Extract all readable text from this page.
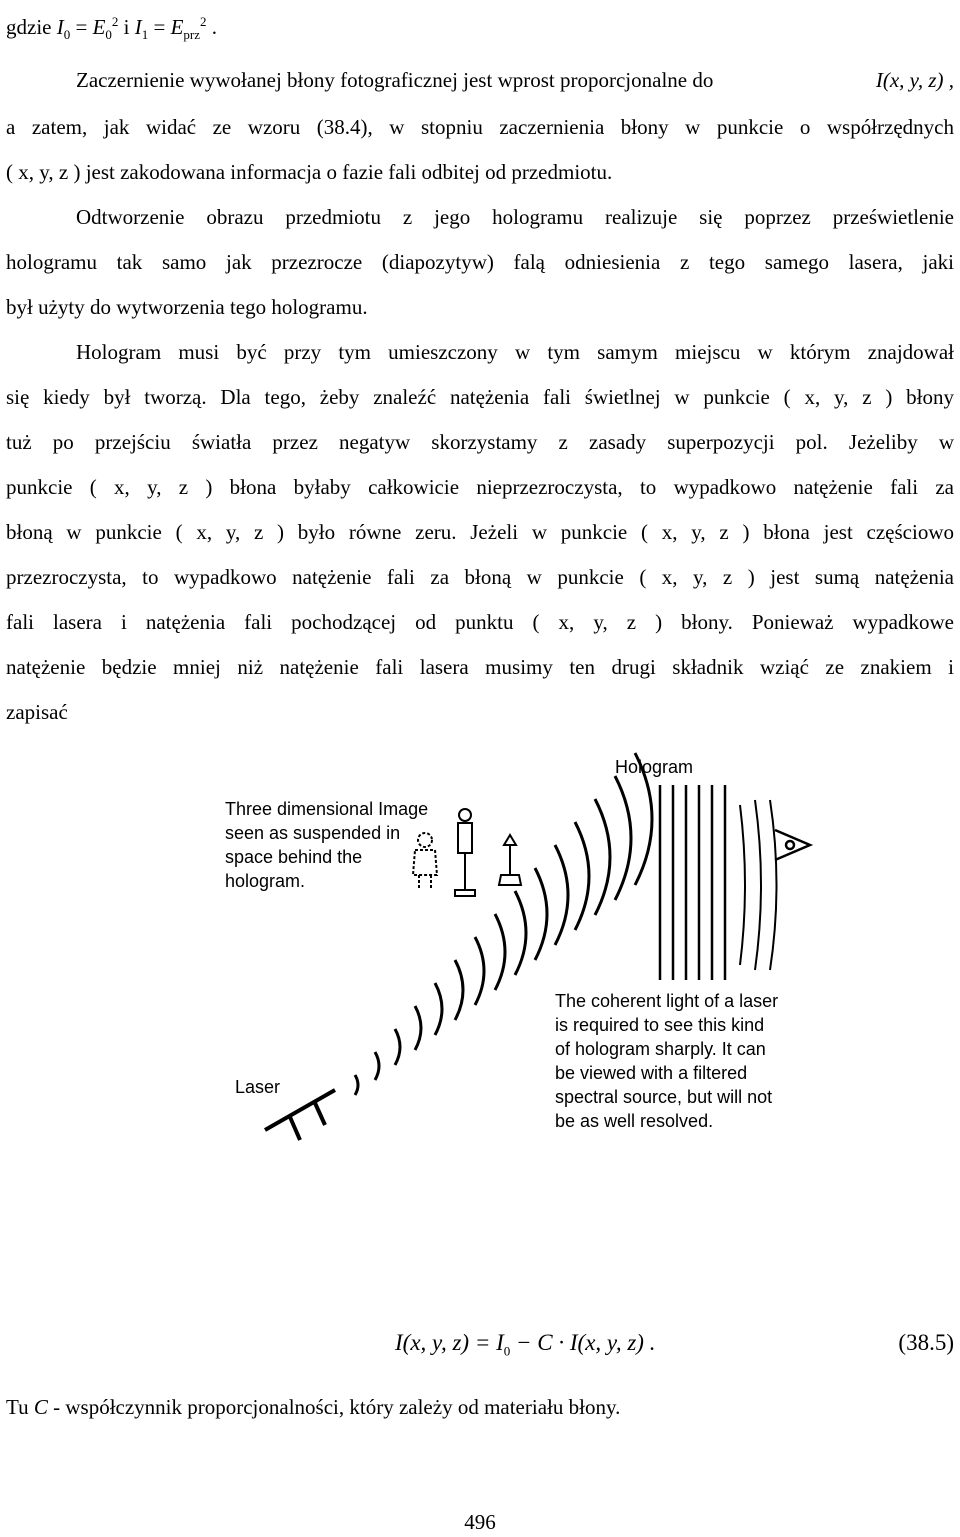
gdzie $I_0 = E_0^2$ i $I_1 = E_{prz}^2$ .
Zaczernienie wywołanej błony fotograficznej jest wprost proporcjonalne do	I(x, y, z) ,
a zatem, jak widać ze wzoru (38.4), w stopniu zaczernienia błony w punkcie o współrzędnych
( x, y, z ) jest zakodowana informacja o fazie fali odbitej od przedmiotu.
Odtworzenie obrazu przedmiotu z jego hologramu realizuje się poprzez prześwietlenie
hologramu tak samo jak przezrocze (diapozytyw) falą odniesienia z tego samego lasera, jaki
był użyty do wytworzenia tego hologramu.
Hologram musi być przy tym umieszczony w tym samym miejscu w którym znajdował
się kiedy był tworzą. Dla tego, żeby znaleźć natężenia fali świetlnej w punkcie ( x, y, z ) błony
tuż po przejściu światła przez negatyw skorzystamy z zasady superpozycji pol. Jeżeliby w
punkcie ( x, y, z ) błona byłaby całkowicie nieprzezroczysta, to wypadkowo natężenie fali za
błoną w punkcie ( x, y, z ) było równe zeru. Jeżeli w punkcie ( x, y, z ) błona jest częściowo
przezroczysta, to wypadkowo natężenie fali za błoną w punkcie ( x, y, z ) jest sumą natężenia
fali lasera i natężenia fali pochodzącej od punktu ( x, y, z ) błony. Ponieważ wypadkowe
natężenie będzie mniej niż natężenie fali lasera musimy ten drugi składnik wziąć ze znakiem i
zapisać
Hologram
Three dimensional Image
seen as suspended in
space behind the
hologram.
Laser
The coherent light of a laser
is required to see this kind
of hologram sharply. It can
be viewed with a filtered
spectral source, but will not
be as well resolved.
I(x, y, $z) = I_0 - C \cdot I(x$, y, z) .	(38.5)
Tu C - współczynnik proporcjonalności, który zależy od materiału błony.
496
